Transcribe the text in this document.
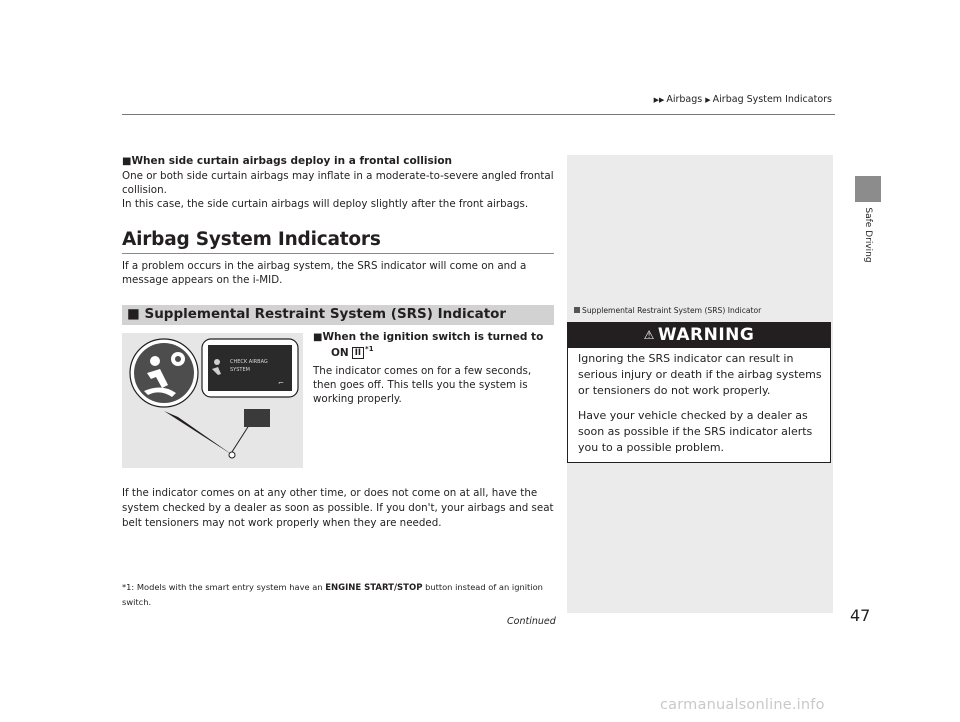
▶▶ Airbags ▶ Airbag System Indicators
Safe Driving
■When side curtain airbags deploy in a frontal collision
One or both side curtain airbags may inflate in a moderate-to-severe angled frontal collision.
In this case, the side curtain airbags will deploy slightly after the front airbags.
Airbag System Indicators
If a problem occurs in the airbag system, the SRS indicator will come on and a message appears on the i-MID.
■ Supplemental Restraint System (SRS) Indicator
CHECK AIRBAG
SYSTEM
⌐
■When the ignition switch is turned to
ON II $^{*1}$
The indicator comes on for a few seconds, then goes off. This tells you the system is working properly.
If the indicator comes on at any other time, or does not come on at all, have the system checked by a dealer as soon as possible. If you don't, your airbags and seat belt tensioners may not work properly when they are needed.
*1: Models with the smart entry system have an ENGINE START/STOP button instead of an ignition switch.
Supplemental Restraint System (SRS) Indicator
⚠ WARNING
Ignoring the SRS indicator can result in serious injury or death if the airbag systems or tensioners do not work properly.
Have your vehicle checked by a dealer as soon as possible if the SRS indicator alerts you to a possible problem.
Continued	47
carmanualsonline.info
